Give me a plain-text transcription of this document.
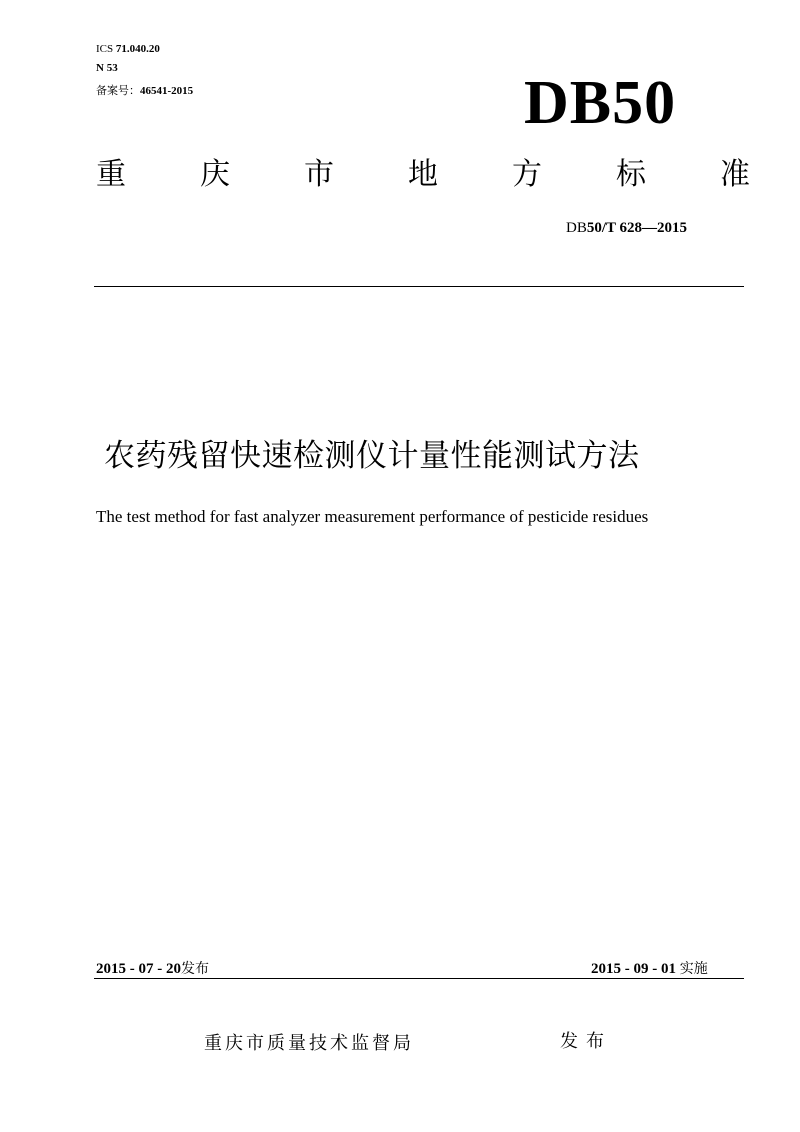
ICS 71.040.20
N 53
备案号：46541-2015	DB50
重 庆 市 地 方 标 准
DB50/T 628—2015
农药残留快速检测仪计量性能测试方法
The test method for fast analyzer measurement performance of pesticide residues
2015 - 07 - 20发布	2015 - 09 - 01 实施
重庆市质量技术监督局	发布
